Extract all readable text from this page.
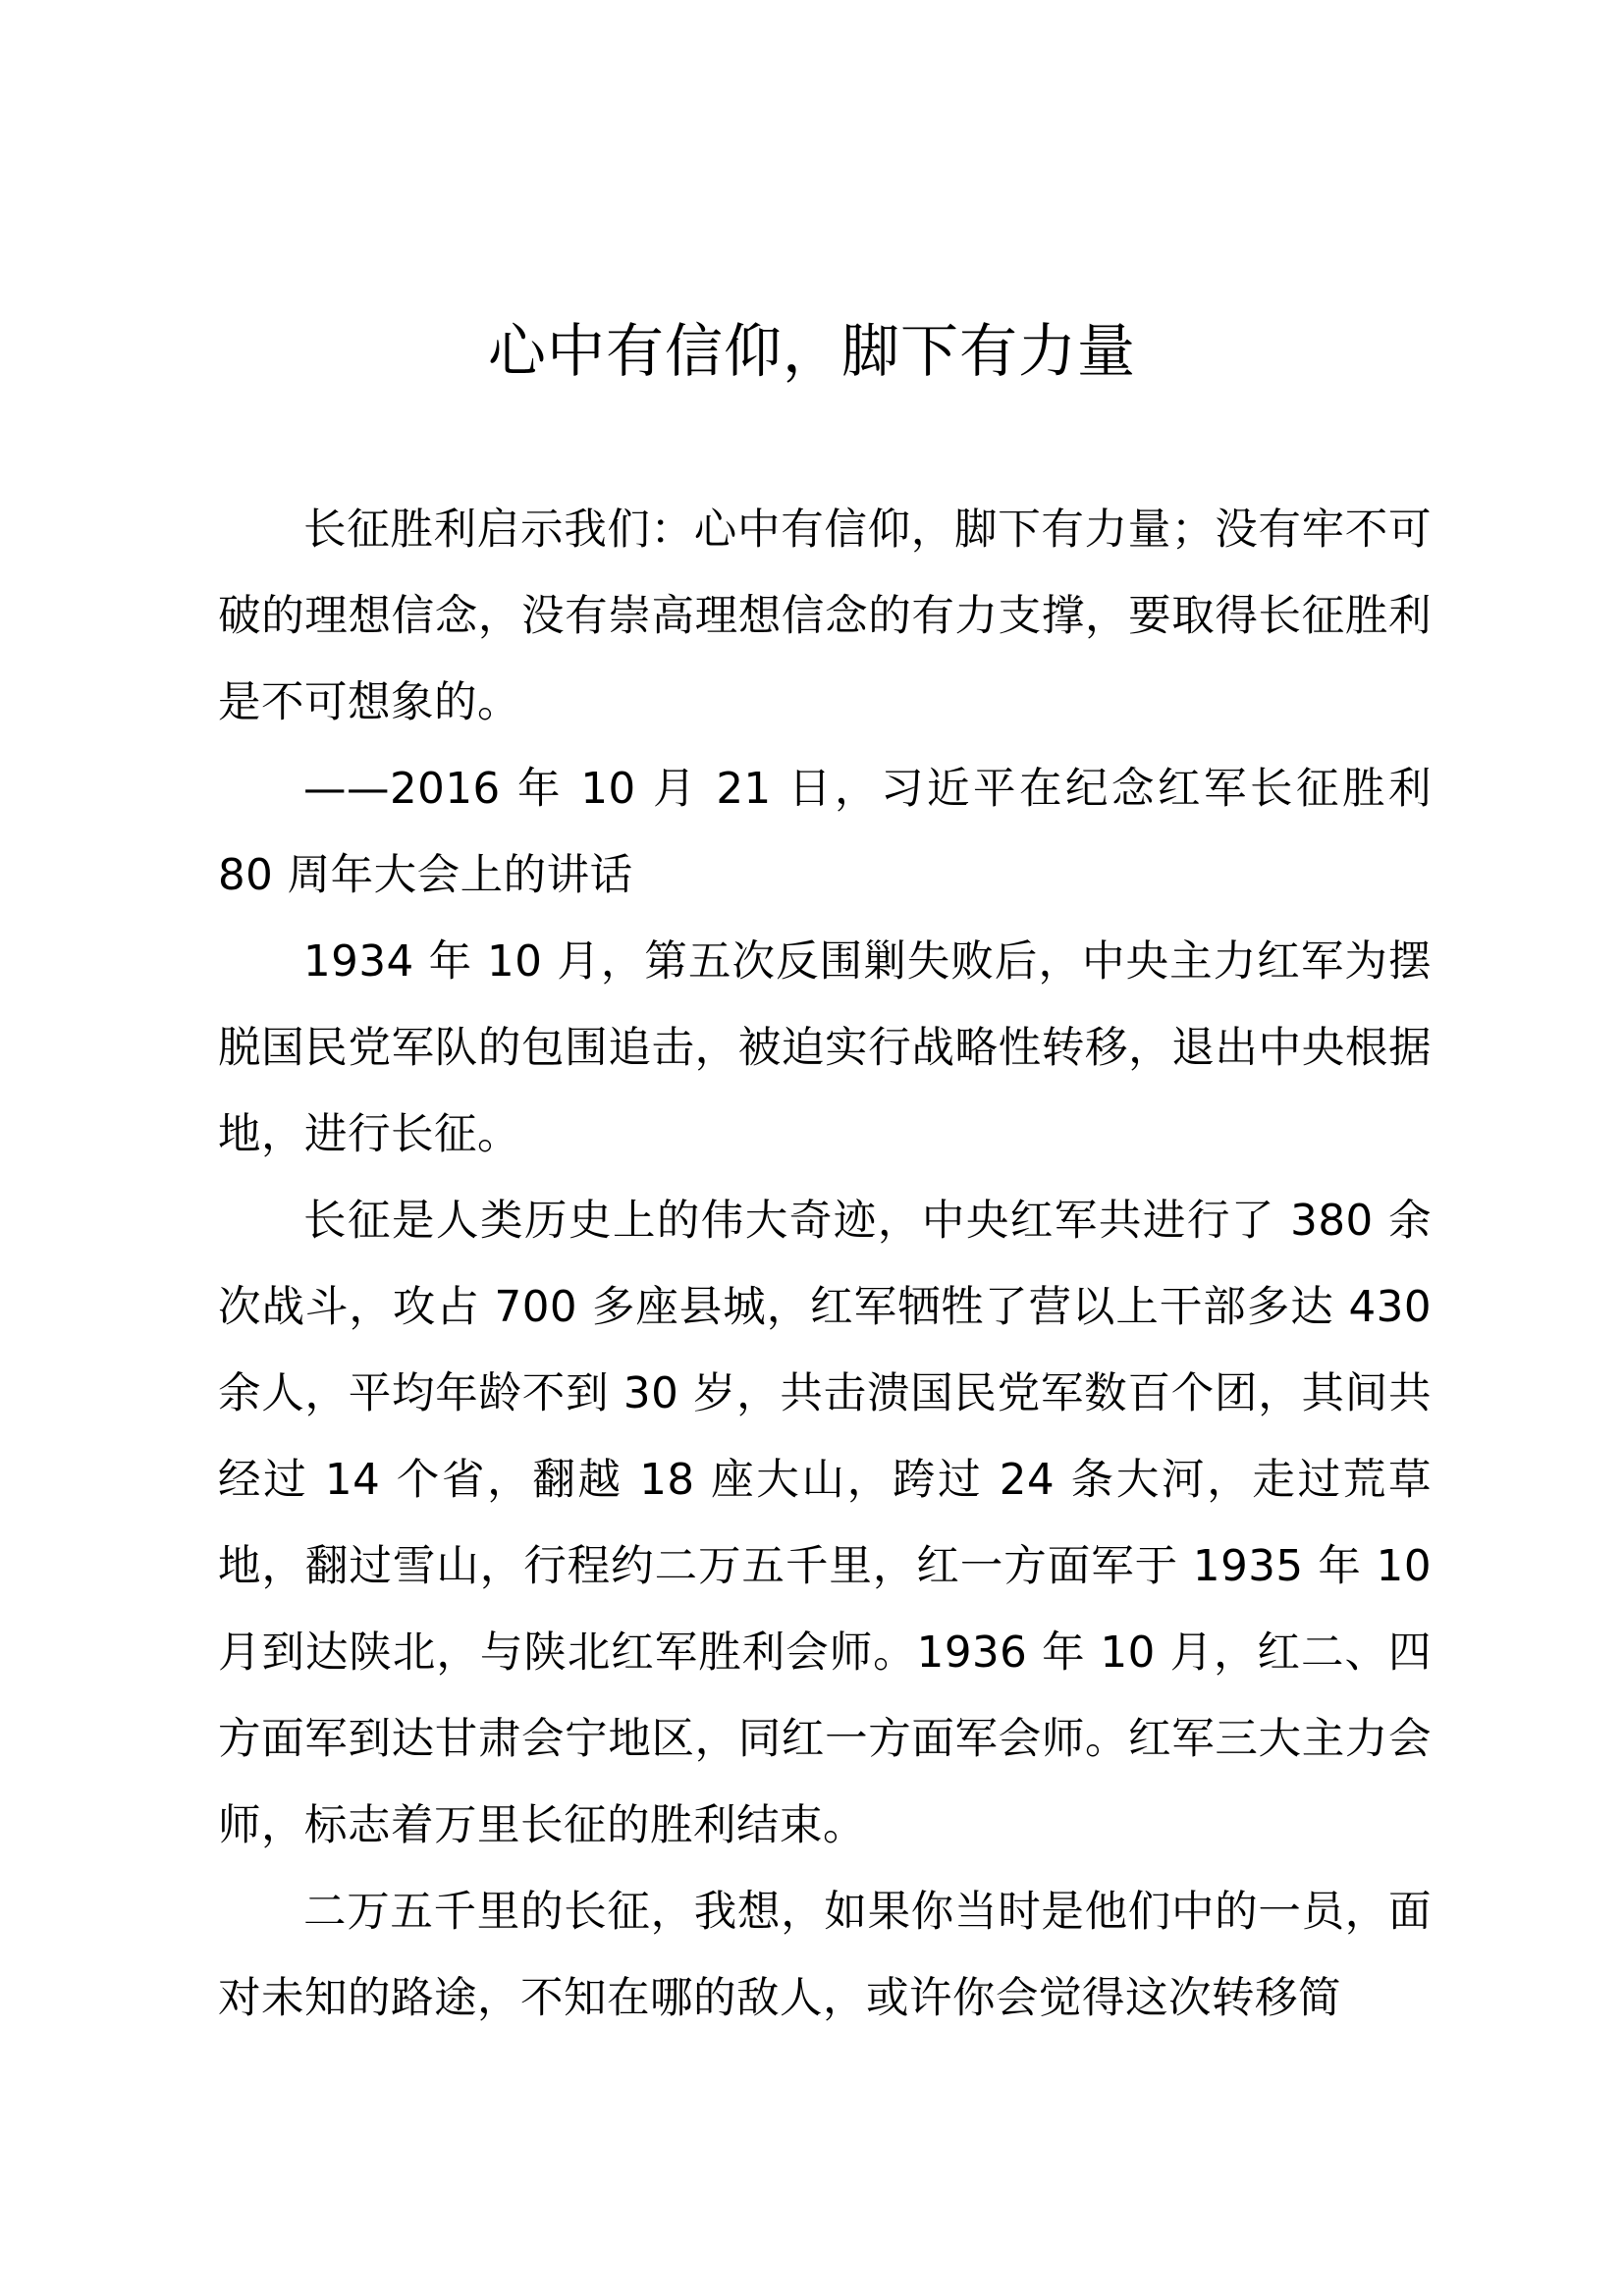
心中有信仰，脚下有力量

长征胜利启示我们：心中有信仰，脚下有力量；没有牢不可破的理想信念，没有崇高理想信念的有力支撑，要取得长征胜利是不可想象的。

——2016 年 10 月 21 日，习近平在纪念红军长征胜利 80 周年大会上的讲话

1934 年 10 月，第五次反围剿失败后，中央主力红军为摆脱国民党军队的包围追击，被迫实行战略性转移，退出中央根据地，进行长征。

长征是人类历史上的伟大奇迹，中央红军共进行了 380 余次战斗，攻占 700 多座县城，红军牺牲了营以上干部多达 430 余人，平均年龄不到 30 岁，共击溃国民党军数百个团，其间共经过 14 个省，翻越 18 座大山，跨过 24 条大河，走过荒草地，翻过雪山，行程约二万五千里，红一方面军于 1935 年 10 月到达陕北，与陕北红军胜利会师。1936 年 10 月，红二、四方面军到达甘肃会宁地区，同红一方面军会师。红军三大主力会师，标志着万里长征的胜利结束。

二万五千里的长征，我想，如果你当时是他们中的一员，面对未知的路途，不知在哪的敌人，或许你会觉得这次转移简
